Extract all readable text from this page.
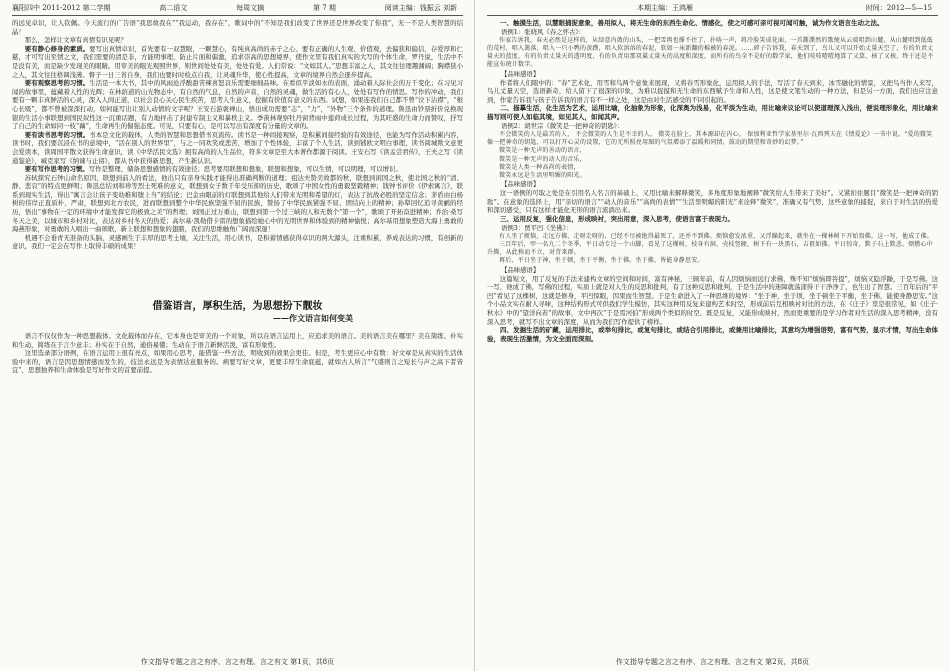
襄阳四中 2011-2012 第二学期	高二语文	每周文摘	第 7 期	阅读主编：钱振云 刘新

的远见卓识，让人钦佩。今天流行的广告语“我思故我在”“我运动，我存在”，歌词中的“不知是我们改变了世界还是世界改变了你我”，无一不是人类智慧的结晶！

那么，怎样让文章有真情有识见呢？

要有静心修身的素质。要写出真情卓识，首先要有一双慧眼，一颗慧心，有纯真高尚的赤子之心。要有正确的人生观、价值观，去偏狭和偏信，存爱厚和仁慈，才可写出至情之文，我们需要的清是非，方能明事理，防止片面和偏激，追求崇高的思想境界，使作文里有我们真实的大写的个体生命，罗丹说，生活中不是没有美，而是缺少发现美的眼睛。用审美的眼光观照世界，则世间处处有美，处处有爱。人们常说：“文如其人。”思想丰富之人，其文往往理趣渊阔；胸襟狭小之人，其文往往格调浅薄。督子一日三省自身，我们也要时时检点自我，让灵魂升华，使心性提高，文章的境界自然会逐步提高。

要有观察思考的习惯。生活是一本大书，其中的风雨沧浮酸甜苦辣喜怒哀乐需要细细品味。在看似平淡如水的表面，涌动着人际社会的万千变化；在习见习闻的故事里，蕴藏着人性的光辉；在林荫道的山光物态中，有自然的气息，自然的声音，自然的灵魂，做生活的有心人，处处有写作的情思。写作的冲动，我们要有一颗丰真鲜活的心灵，深入人间正道，以社会良心关心民生疾苦，思考人生意义，挖掘有价值有意义的东西。试想，如果连我们自己都不曾“泣下沾襟”，“根心长吸”，都不曾被深深打动，如何能写出让别人动情的文字呢？王安石游褒禅山，悟出成功需要“志”，“力”，“外物”三个条件的道理。鲁迅由钞票折价兑换现银的生活小事联想到国民奴性这一沉重话题，有力地抨击了封建专制主义和暴秩主义。季羡林观察牡丹窗背雨中莲荷成长过程，为其旺盛的生命力而赞叹，抒写了自己的生命如同一枝“藕”，生命再生的倔强态度。可见，只要有心，是可以写出有深度有分量的文章的。

要有读书思考的习惯。书本是文化的载体，人类的智慧和思想借书页流传。读书是一种间接观察，是积累间接经验的有效途径，也能为写作活动积累内容，读书时，我们要沉浸在书的意境中，“活在别人的世界里”，与之一同欢笑或悲苦，增加了个性体验，丰富了个人生活，读到铺欧文明白事理，读书阅城欺文意更会爱读本，读周国平散文获得生命意识，读《中华活民文选》拥有高尚的人生品位，符多文章是至大本著作都源于阅读。王安石写《读孟尝君传》，王夫之写《读通鉴论》，臧克家写《纳谏与止谤》，都从书中获得新思想，产生新认识。

要有写作思考的习惯。写作是整理、储备思想感情的有效途径；思考要用联想和想象，联想和想象，可以生情，可以明理，可以增识。

苏轼探究石钟山命名原因，联想到前人的看法，他出只有亲身实践才能得出准确判断的道理；祖达夫赞美故都的秋，联想到闲国之秋，使北国之秋的“清、静、悲哀”的特点更鲜明；鲁迅总结刘和珍等烈士死难的意义，联想到女子数千年受压抑的历史，歌颂了中国女性的勇毅坚毅精神；钱钟书评价《伊索寓言》，联系到现实生活，得出“寓言会让孩子变幼稚和堕上当”的结论；巴金由眼前的灯联想到其他给人们带来光明和希望的灯，表达了抗战必胜的坚定信念；茅盾由白杨树的伟岸正直质朴，严肃，联想到北方农民，进而联想到整个中华民族坚强不屈的民族，赞扬了中华民族紧强不屈、团结向上的精神；孙犁回忆追寻黄鹂的经历，悟出“事物在一定的环境中才能发挥它的极致之美”的哲理；刘国正过万重山，联想到第一个过三峡的人和无数个“第一个”，歌颂了开拓奋进精神；乔治·桑写冬天之美，以城市和乡村对比，表达对乡村冬天的热爱；高尔基·凯勒借卡雷的想象描绘她心中的光明世界和体验到的精神愉悦；高尔基用想象塑造大海上勇敢的海燕形象，对勇敢的人唱出一曲颂歌，新上联想和想象的翅膀，我们的思维触角广阔而深邃！

机遇不会垂青无准备的头脑，灵感画生于丰厚的思考土壤，关注生活，用心读书，是积蓄情感获得卓识的两大源头，注重积累，养成表达的习惯，有创新的意识，我们一定会在写作上取得丰硕的成果！

借鉴语言，厚积生活，为思想扮下靓妆
——作文语言如何变美

语言不仅仅作为一种思想载体、文化载体而存在，它本身也是审美的一个对象，所以在语言运用上，应追求美的语言。美的语言美在哪里？美在简练、朴实和生动，简练在于言少意丰；朴实在于自然，通俗易懂；生动在于语言新鲜活泼，富有形象性。

这里选录部分语例，在语言运用上很有亮点，如果用心思考，能借鉴一些方法，明收到的效果会更佳。但是，考生更应心中有数：好文章是从真实的生活体验中来的，语言是因思想情感而发生的，技法永远是为表情达意服务的。病要写好文章，更要丰厚生命底蕴，就如古人所言“气盛则言之短长与声之高下者皆宜”，思想独养和生命体验是写好作文的首要前提。

作文指导专题之言之有序、言之有理、言之有文 第1页，共8页
本期主编：王鸿雁	时间：2012—5—15

一、触摸生活，以慧眼捕捉意象，善用拟人，将无生命的东西生命化、情感化，使之可感可亲可视可闻可触，诚为作文语言生动之法。

语例1：张晓风《春之怀古》：

作家告诉我，春天必然是这样的，从绿意内敛的山头，一把雪再也撑不住了，扑哧一声，将冷脸笑成花面，一首澌澌然的歌便从云端唱到山麓，从山麓唱到低低的荒村，唱入篱落，唱入一只小鸭的黄蹼，唱入软溶溶的春泥，软如一床新翻的棉被的春泥。……碎子告诉我，春天到了，鸟儿又可以开始丈量天空了，有的负责丈量天的蓝度，有的负责丈量天的透明度，有的负责用那双翼丈量天的高度和深度，而所有的鸟全不是好的数学家，他们吱吱喳喳地算了又算，核了又核，终于还是不能宣布统计数字。

【品味感语】

作者将人们眼中的：“春”艺术化，用雪和鸟两个意象来展现，又将春雪形象化，运用拟人的手法，写活了春天到来，冰雪融化的情景，又把鸟当作人来写，鸟儿丈量天空，选语新奇，给人留下了很深的印象，为难以捉摸和无生命的东西赋予生命和人性，这是使文笔生动的一种方法，但是另一方面，我们也应注意到，作家告诉我与孩子告诉我的语言有不一样之处，这是由对生活感受的不同引起的。

二、描摹生活，化生活为艺术，运用比喻，化抽象为形象，化深奥为浅易，化平淡为生动，用比喻来议论可以使道理深入浅出，便说理形象化，用比喻来描写则可使人如临其境，如见其人，如闻其声。

语例2：胡世宗《微笑是一把神奇的钥匙》：

不会微笑的人是最苦的人， 不会微笑的人生是不幸的人。 微笑在脸上，其本源却在内心。 保加利亚哲学家基里尔·瓦西列夫在《情爱论》一书中说，“爱的微笑像一把神奇的钥匙，可以打开心灵的设置，它的无所照亮用图的气氛增添了温暖和同情，鼓动的期望和奇妙的幻梦。”

微笑是一种无声的善动的语言，

微笑是一种无声的动人的音乐，

微笑是人类一种高尚的表情，

微笑永远是生活里明媚的阳光。

【品味感语】

这一语例的可取之处是在引用名人名言的基础上，又用比喻来解释微笑，多角度形象地阐释“微笑给人生带来了美好”。又紧扣住题目“微笑是一把神奇的钥匙”。在意象的选择上，用“亲切的语言”“动人的音乐”“高尚的表情”“生活里明媚的阳光”来诠释“微笑”，准确又有气势，这些意象的捕捉，来自于对生活的热爱和深切感受，只有这样才能化无形的语言流淌出来。

三、运用反复，强化信息，形成映衬，突出用意，深入思考，使语言富于表现力。

语例3：贾平凹《坐佛》：

有人坐了烦恼，走远方佛，走呀走呀的，已经不尽被绝得最死了，还并不到佛。烦恼愈发浓重，又浮躁起来，就坐在一棵林树下开始寫佛。这一写，他成了佛。

三百年后，甲一名九二个冬季，平日动专过一个山脚，看见了这棵树，枝身有洞，壳枝竖硬，树下有一块黑石，吉祖如佛。平日惊奇，默子石上默悲。烦燃心中升腾，从此称而不立，对背来群。

再后，平日坐于神，坐于顿，坐于平衡，坐于佛。坐于佛，皆能身静思安。

【品味感语】

这篇短文，用了反复的手法来建构文章的空间和时间，富有神秘，三顾年前，有人因烦恼而远行求佛，殊不知“烦恼即菩提”，烦恼又隐浮躁，于是写佛。这一写，他成了佛，写佛的过程，实质上就是对人生的反思和批判，有了这种反思和批判，于是生活中的迷障就荡漾得干干净净了，也生出了智慧。三百年后的“平凹”看见了这棵树，这就是修身，平凹惊眼，因果而生智慧。于是生命进入了一种思维的境界：“坐于神，坐于坝，坐于顿坐于平衡，坐于佛，能使身静思安。”这个小品文实在耐人寻味，这种结构形式可供我们学生模仿，其实这种用反复来建构艺术时空，形成前后互相映衬对比的方法，在《庄子》里是很常见，如《庄子·秋水》中的“望洋向若”的故事，文中再次“于是焉河伯”形成两个类似的时空，既是反复，又能形成映衬，然而更重要的是学习作者对生活的深入思考精神，没有深入思考，就写不出文章的深度，从而为我们写作提供了榜样。

四、发掘生活的矿藏，运用排比，或举句排比，或复句排比，或结合引用排比，或兼用比喻排比，其意均为增强语势，富有气势，显示才情，写出生命体验，表现生活激情，为文全面而深刻。

作文指导专题之言之有序、言之有理、言之有文 第2页，共8页
